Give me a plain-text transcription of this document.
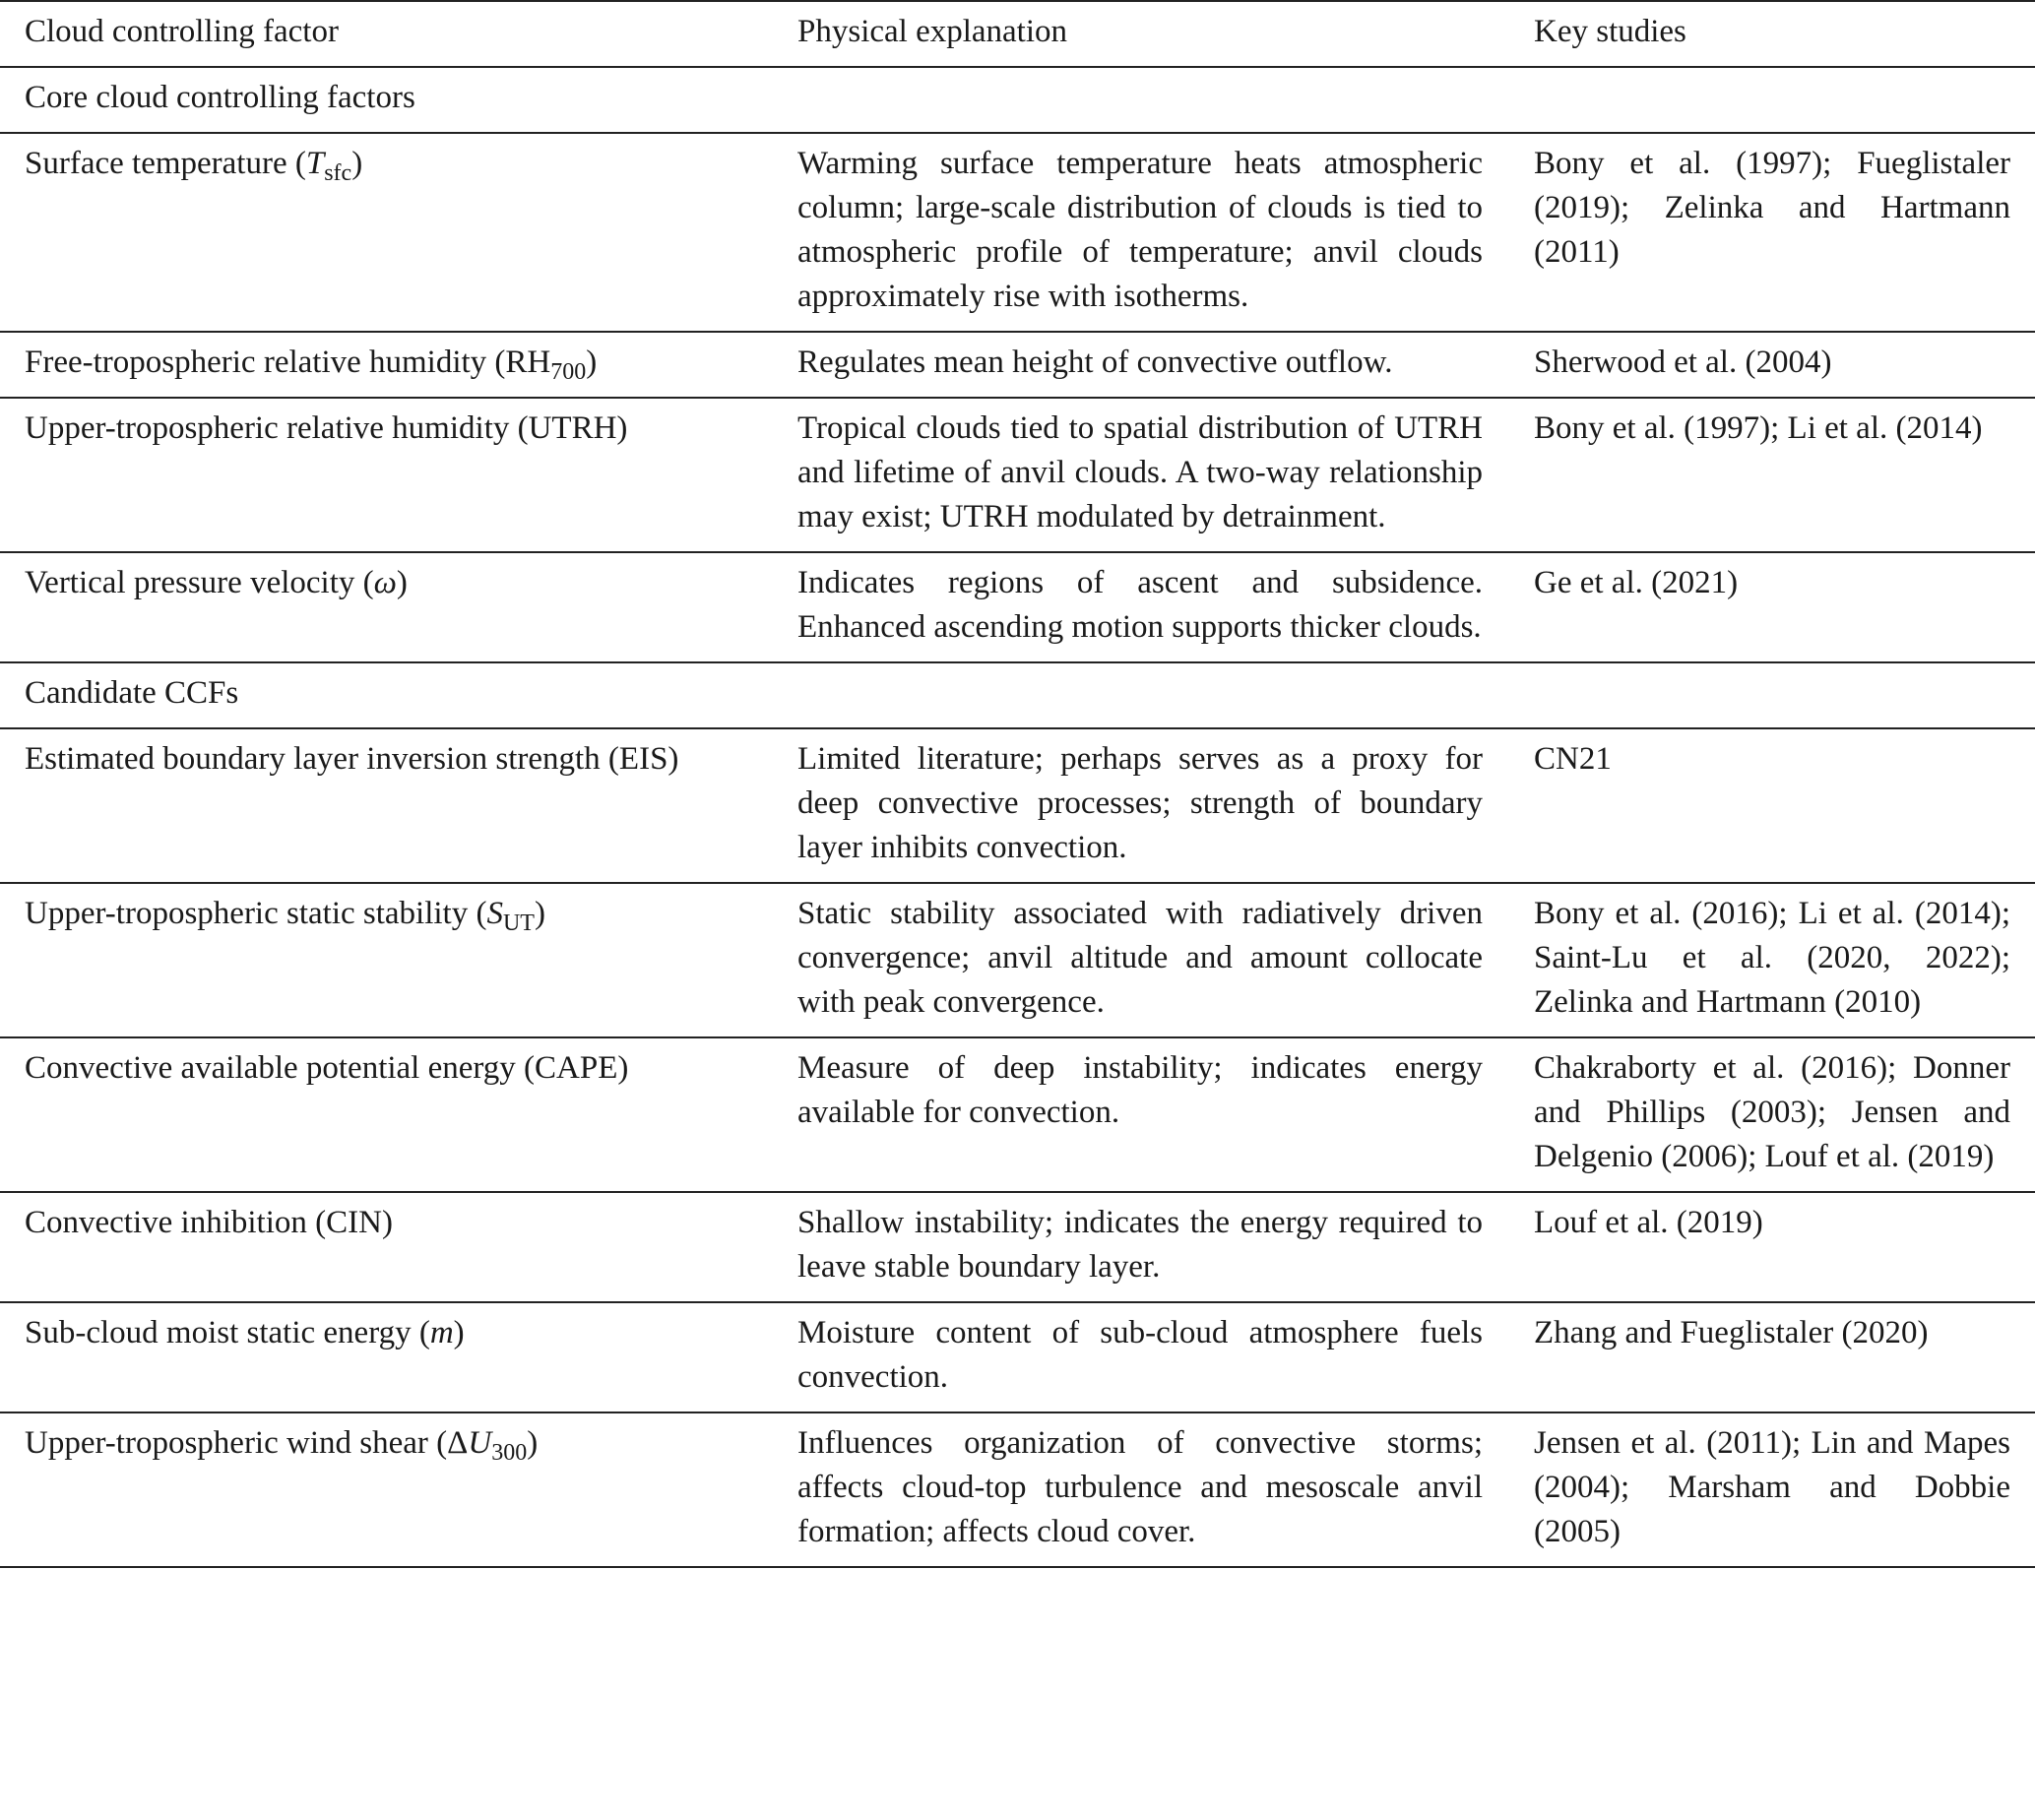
Cloud controlling factor	Physical explanation	Key studies
Core cloud controlling factors		
Surface temperature $(T_{sfc})$	Warming surface temperature heats atmospheric column; large-scale distribution of clouds is tied to atmospheric profile of temperature; anvil clouds approximately rise with isotherms.	Bony et al. (1997); Fueglistaler (2019); Zelinka and Hartmann (2011)
Free-tropospheric relative humidity $(RH_{700})$	Regulates mean height of convective outflow.	Sherwood et al. (2004)
Upper-tropospheric relative humidity (UTRH)	Tropical clouds tied to spatial distribution of UTRH and lifetime of anvil clouds. A two-way relationship may exist; UTRH modulated by detrainment.	Bony et al. (1997); Li et al. (2014)
Vertical pressure velocity (ω)	Indicates regions of ascent and subsidence. Enhanced ascending motion supports thicker clouds.	Ge et al. (2021)
Candidate CCFs		
Estimated boundary layer inversion strength (EIS)	Limited literature; perhaps serves as a proxy for deep convective processes; strength of boundary layer inhibits convection.	CN21
Upper-tropospheric static stability $(S_{UT})$	Static stability associated with radiatively driven convergence; anvil altitude and amount collocate with peak convergence.	Bony et al. (2016); Li et al. (2014); Saint-Lu et al. (2020, 2022); Zelinka and Hartmann (2010)
Convective available potential energy (CAPE)	Measure of deep instability; indicates energy available for convection.	Chakraborty et al. (2016); Donner and Phillips (2003); Jensen and Delgenio (2006); Louf et al. (2019)
Convective inhibition (CIN)	Shallow instability; indicates the energy required to leave stable boundary layer.	Louf et al. (2019)
Sub-cloud moist static energy (m)	Moisture content of sub-cloud atmosphere fuels convection.	Zhang and Fueglistaler (2020)
Upper-tropospheric wind shear $(\Delta U_{300})$	Influences organization of convective storms; affects cloud-top turbulence and mesoscale anvil formation; affects cloud cover.	Jensen et al. (2011); Lin and Mapes (2004); Marsham and Dobbie (2005)
